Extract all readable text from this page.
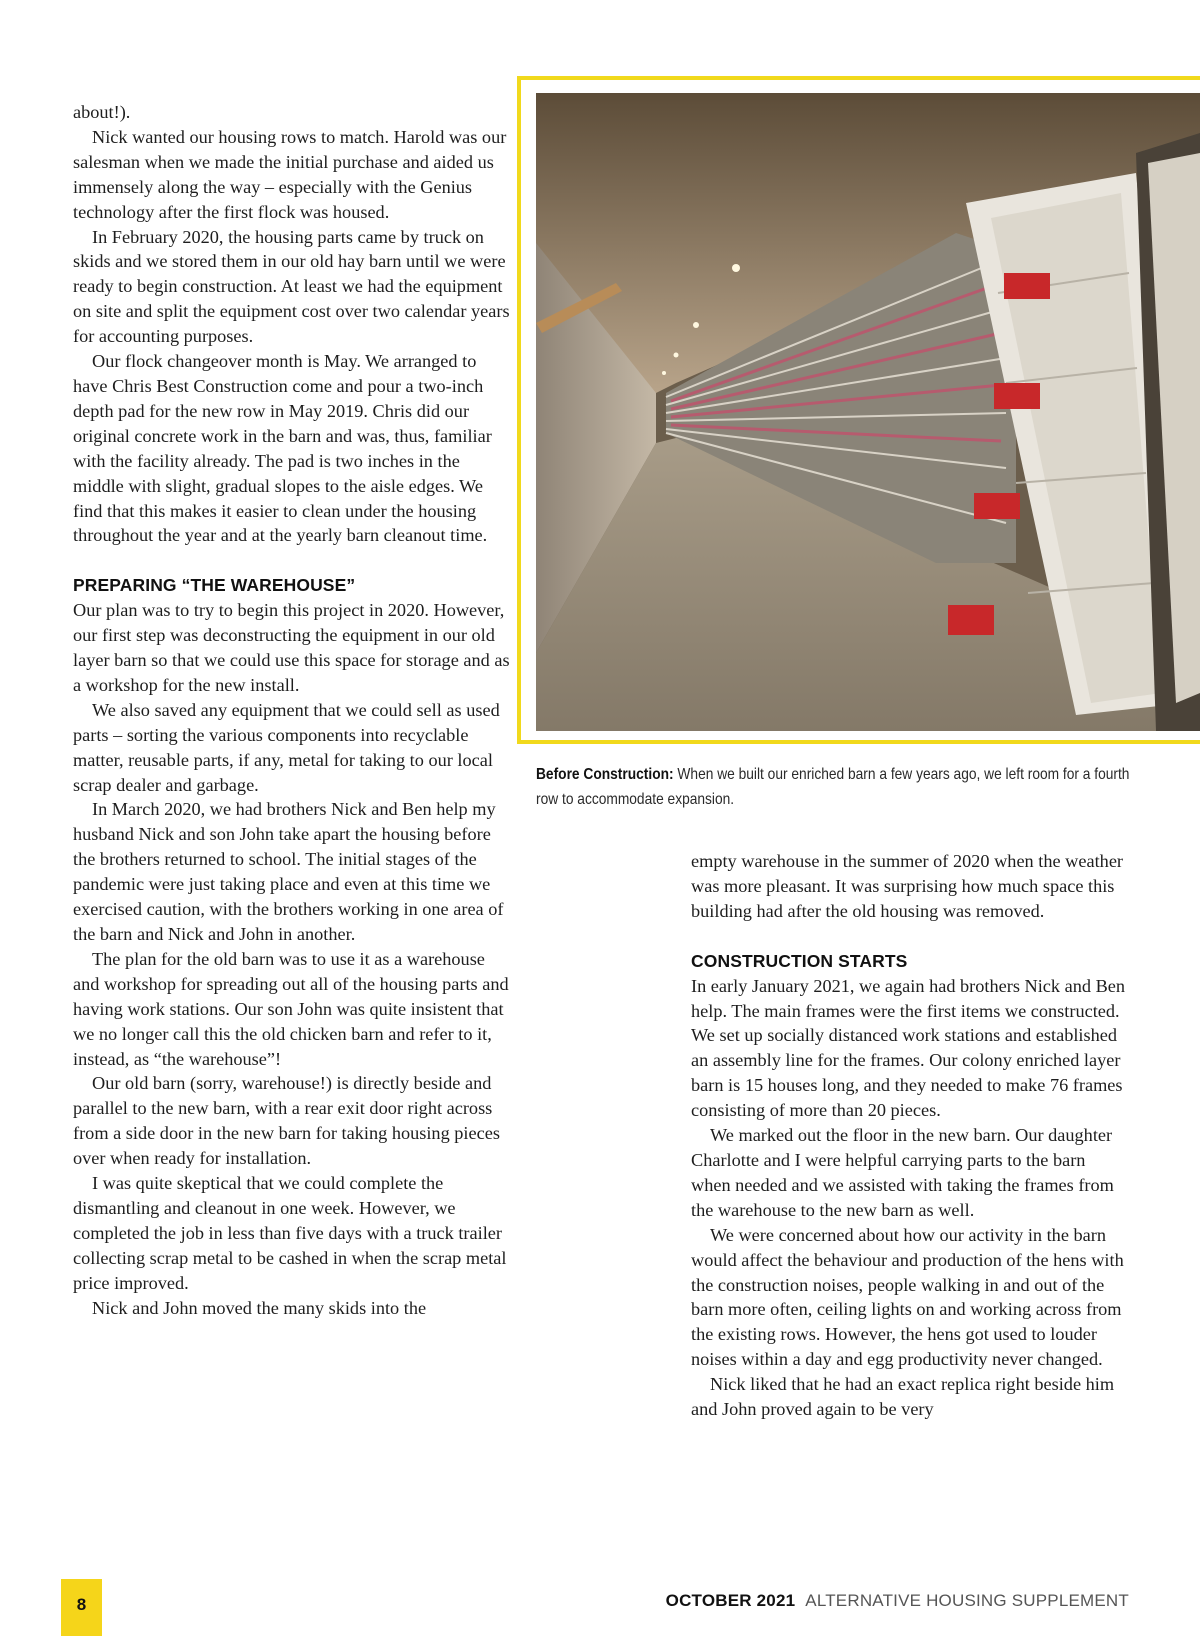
about!).

Nick wanted our housing rows to match. Harold was our salesman when we made the initial purchase and aided us immensely along the way – especially with the Genius technology after the first flock was housed.

In February 2020, the housing parts came by truck on skids and we stored them in our old hay barn until we were ready to begin construction. At least we had the equipment on site and split the equipment cost over two calendar years for accounting purposes.

Our flock changeover month is May. We arranged to have Chris Best Construction come and pour a two-inch depth pad for the new row in May 2019. Chris did our original concrete work in the barn and was, thus, familiar with the facility already. The pad is two inches in the middle with slight, gradual slopes to the aisle edges. We find that this makes it easier to clean under the housing throughout the year and at the yearly barn cleanout time.

PREPARING “THE WAREHOUSE”

Our plan was to try to begin this project in 2020. However, our first step was deconstructing the equipment in our old layer barn so that we could use this space for storage and as a workshop for the new install.

We also saved any equipment that we could sell as used parts – sorting the various components into recyclable matter, reusable parts, if any, metal for taking to our local scrap dealer and garbage.

In March 2020, we had brothers Nick and Ben help my husband Nick and son John take apart the housing before the brothers returned to school. The initial stages of the pandemic were just taking place and even at this time we exercised caution, with the brothers working in one area of the barn and Nick and John in another.

The plan for the old barn was to use it as a warehouse and workshop for spreading out all of the housing parts and having work stations. Our son John was quite insistent that we no longer call this the old chicken barn and refer to it, instead, as “the warehouse”!

Our old barn (sorry, warehouse!) is directly beside and parallel to the new barn, with a rear exit door right across from a side door in the new barn for taking housing pieces over when ready for installation.

I was quite skeptical that we could complete the dismantling and cleanout in one week. However, we completed the job in less than five days with a truck trailer collecting scrap metal to be cashed in when the scrap metal price improved.

Nick and John moved the many skids into the

Before Construction: When we built our enriched barn a few years ago, we left room for a fourth row to accommodate expansion.

empty warehouse in the summer of 2020 when the weather was more pleasant. It was surprising how much space this building had after the old housing was removed.

CONSTRUCTION STARTS

In early January 2021, we again had brothers Nick and Ben help. The main frames were the first items we constructed. We set up socially distanced work stations and established an assembly line for the frames. Our colony enriched layer barn is 15 houses long, and they needed to make 76 frames consisting of more than 20 pieces.

We marked out the floor in the new barn. Our daughter Charlotte and I were helpful carrying parts to the barn when needed and we assisted with taking the frames from the warehouse to the new barn as well.

We were concerned about how our activity in the barn would affect the behaviour and production of the hens with the construction noises, people walking in and out of the barn more often, ceiling lights on and working across from the existing rows. However, the hens got used to louder noises within a day and egg productivity never changed.

Nick liked that he had an exact replica right beside him and John proved again to be very

8	OCTOBER 2021 ALTERNATIVE HOUSING SUPPLEMENT
